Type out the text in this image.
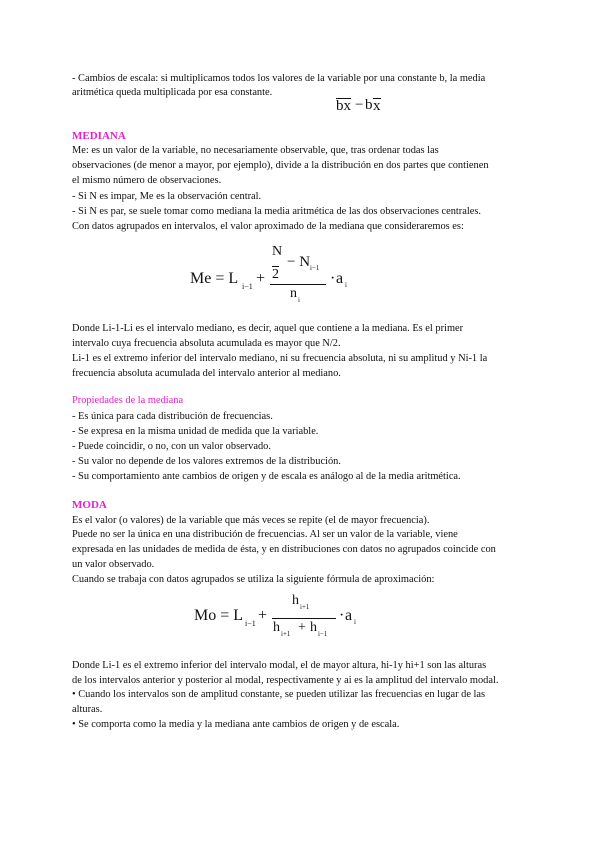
- Cambios de escala: si multiplicamos todos los valores de la variable por una constante b, la media
aritmética queda multiplicada por esa constante.
bx − b x
MEDIANA
Me: es un valor de la variable, no necesariamente observable, que, tras ordenar todas las
observaciones (de menor a mayor, por ejemplo), divide a la distribución en dos partes que contienen
el mismo número de observaciones.
- Si N es impar, Me es la observación central.
- Si N es par, se suele tomar como mediana la media aritmética de las dos observaciones centrales.
Con datos agrupados en intervalos, el valor aproximado de la mediana que consideraremos es:
Me = L i−1 +
N
2
− N i−1
n i
· a i
Donde Li-1-Li es el intervalo mediano, es decir, aquel que contiene a la mediana. Es el primer
intervalo cuya frecuencia absoluta acumulada es mayor que N/2.
Li-1 es el extremo inferior del intervalo mediano, ni su frecuencia absoluta, ni su amplitud y Ni-1 la
frecuencia absoluta acumulada del intervalo anterior al mediano.
Propiedades de la mediana
- Es única para cada distribución de frecuencias.
- Se expresa en la misma unidad de medida que la variable.
- Puede coincidir, o no, con un valor observado.
- Su valor no depende de los valores extremos de la distribución.
- Su comportamiento ante cambios de origen y de escala es análogo al de la media aritmética.
MODA
Es el valor (o valores) de la variable que más veces se repite (el de mayor frecuencia).
Puede no ser la única en una distribución de frecuencias. Al ser un valor de la variable, viene
expresada en las unidades de medida de ésta, y en distribuciones con datos no agrupados coincide con
un valor observado.
Cuando se trabaja con datos agrupados se utiliza la siguiente fórmula de aproximación:
Mo = L i−1 +
h i+1
h i+1 + h i−1
· a i
Donde Li-1 es el extremo inferior del intervalo modal, el de mayor altura, hi-1y hi+1 son las alturas
de los intervalos anterior y posterior al modal, respectivamente y ai es la amplitud del intervalo modal.
• Cuando los intervalos son de amplitud constante, se pueden utilizar las frecuencias en lugar de las
alturas.
• Se comporta como la media y la mediana ante cambios de origen y de escala.
